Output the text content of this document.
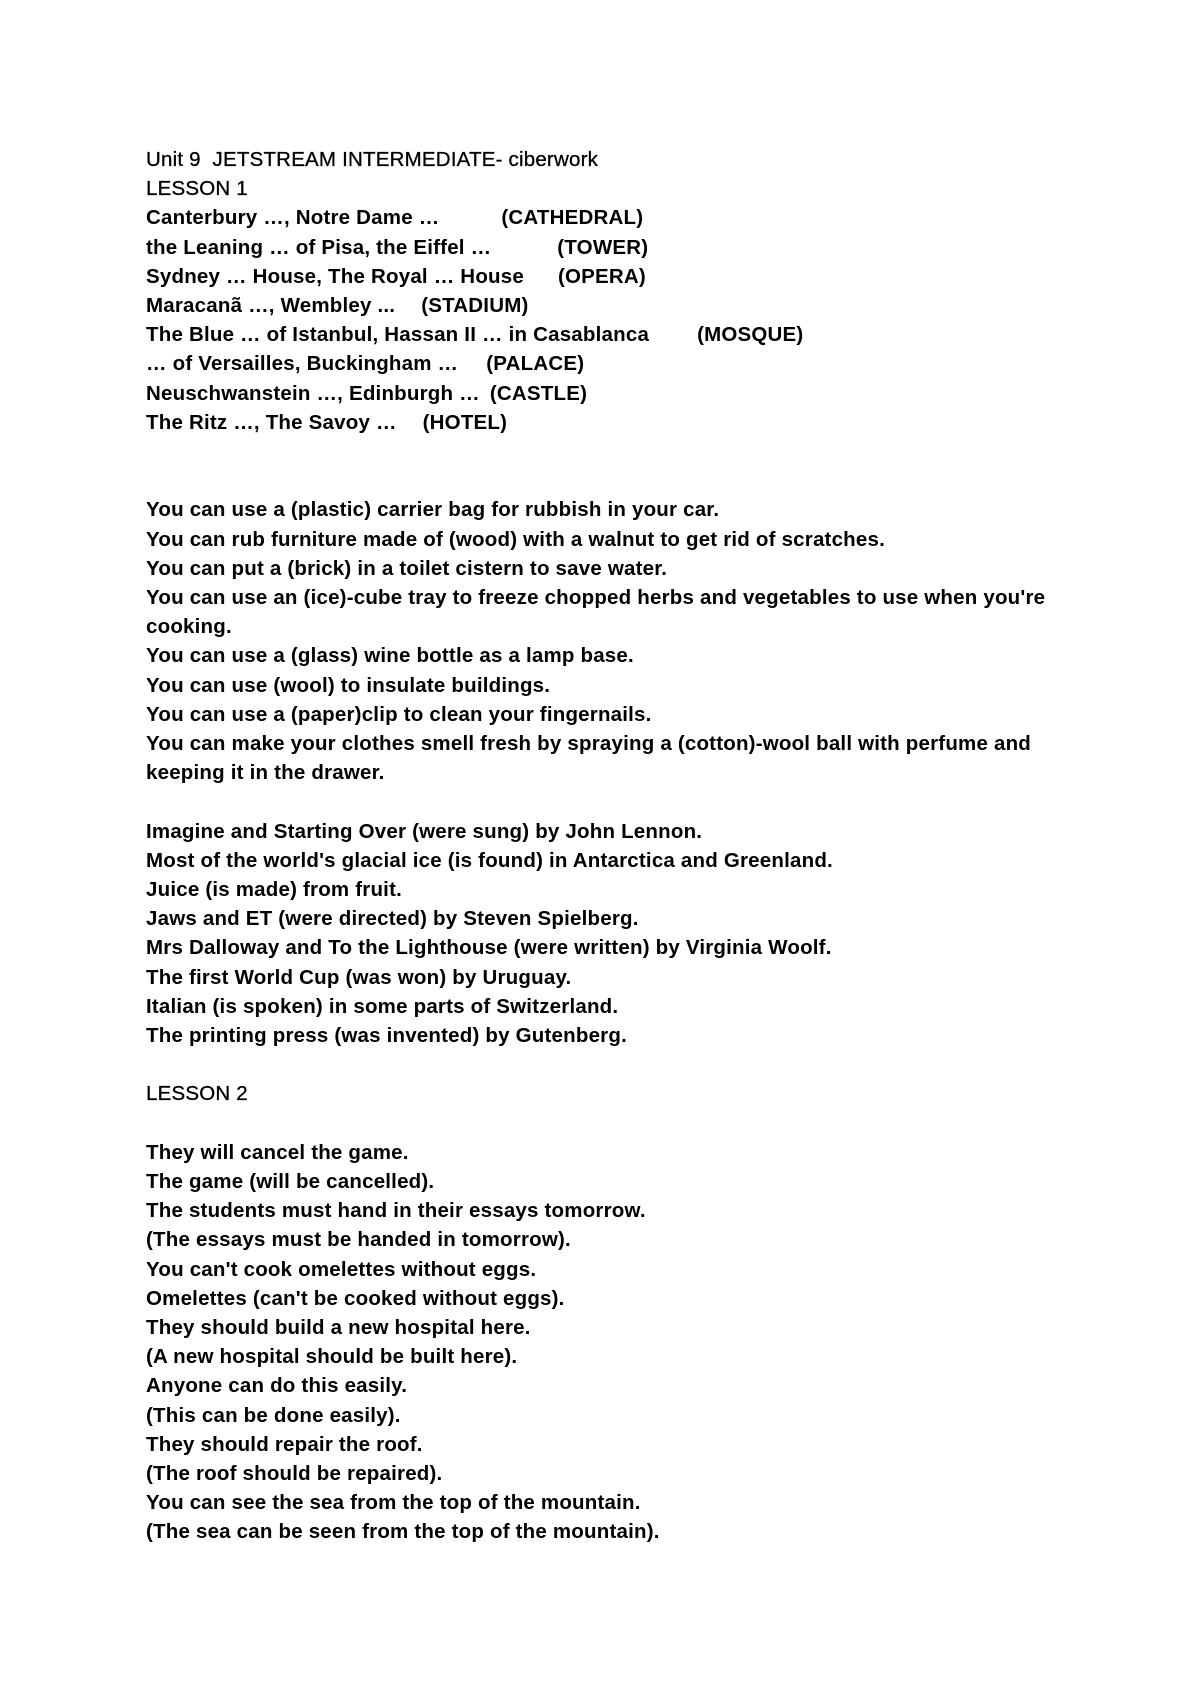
Unit 9  JETSTREAM INTERMEDIATE- ciberwork
LESSON 1
Canterbury …, Notre Dame …	(CATHEDRAL)
the Leaning … of Pisa, the Eiffel …	(TOWER)
Sydney … House, The Royal … House (OPERA)
Maracanã …, Wembley ... (STADIUM)
The Blue … of Istanbul, Hassan II … in Casablanca (MOSQUE)
… of Versailles, Buckingham … (PALACE)
Neuschwanstein …, Edinburgh … (CASTLE)
The Ritz …, The Savoy … (HOTEL)
You can use a (plastic) carrier bag for rubbish in your car.
You can rub furniture made of (wood) with a walnut to get rid of scratches.
You can put a (brick) in a toilet cistern to save water.
You can use an (ice)-cube tray to freeze chopped herbs and vegetables to use when you're cooking.
You can use a (glass) wine bottle as a lamp base.
You can use (wool) to insulate buildings.
You can use a (paper)clip to clean your fingernails.
You can make your clothes smell fresh by spraying a (cotton)-wool ball with perfume and keeping it in the drawer.
Imagine and Starting Over (were sung) by John Lennon.
Most of the world's glacial ice (is found) in Antarctica and Greenland.
Juice (is made) from fruit.
Jaws and ET (were directed) by Steven Spielberg.
Mrs Dalloway and To the Lighthouse (were written) by Virginia Woolf.
The first World Cup (was won) by Uruguay.
Italian (is spoken) in some parts of Switzerland.
The printing press (was invented) by Gutenberg.
LESSON 2
They will cancel the game.
The game (will be cancelled).
The students must hand in their essays tomorrow.
(The essays must be handed in tomorrow).
You can't cook omelettes without eggs.
Omelettes (can't be cooked without eggs).
They should build a new hospital here.
(A new hospital should be built here).
Anyone can do this easily.
(This can be done easily).
They should repair the roof.
(The roof should be repaired).
You can see the sea from the top of the mountain.
(The sea can be seen from the top of the mountain).
